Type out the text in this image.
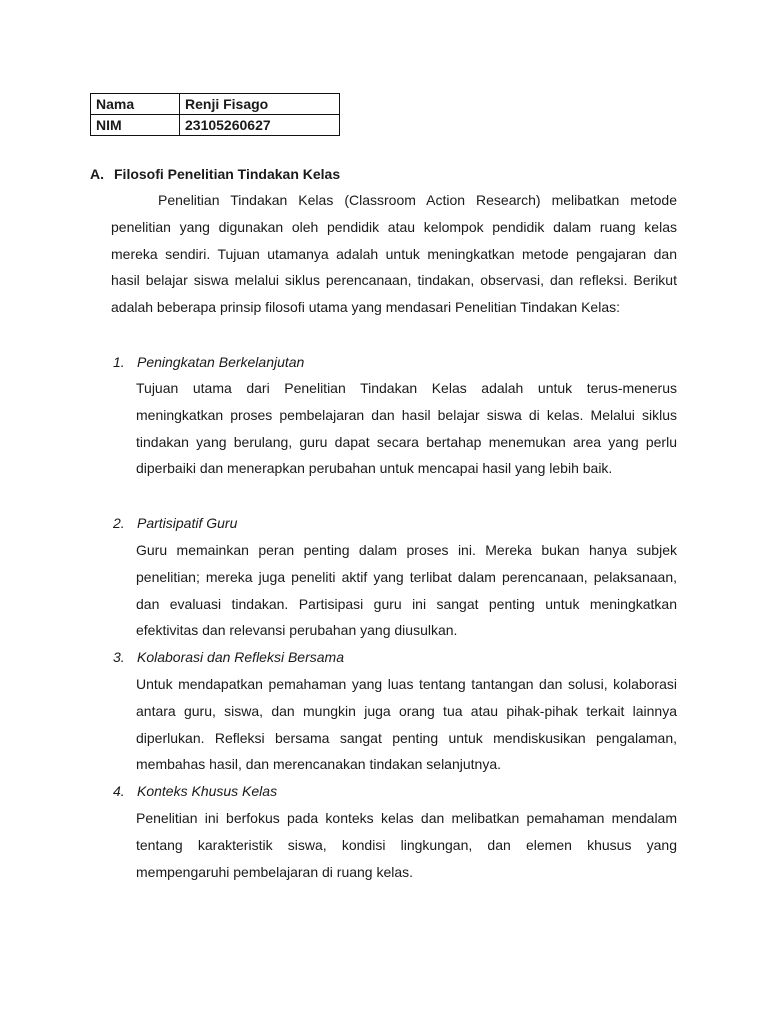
Nama	Renji Fisago
NIM	23105260627
A. Filosofi Penelitian Tindakan Kelas

Penelitian Tindakan Kelas (Classroom Action Research) melibatkan metode penelitian yang digunakan oleh pendidik atau kelompok pendidik dalam ruang kelas mereka sendiri. Tujuan utamanya adalah untuk meningkatkan metode pengajaran dan hasil belajar siswa melalui siklus perencanaan, tindakan, observasi, dan refleksi. Berikut adalah beberapa prinsip filosofi utama yang mendasari Penelitian Tindakan Kelas:

1. Peningkatan Berkelanjutan

Tujuan utama dari Penelitian Tindakan Kelas adalah untuk terus-menerus meningkatkan proses pembelajaran dan hasil belajar siswa di kelas. Melalui siklus tindakan yang berulang, guru dapat secara bertahap menemukan area yang perlu diperbaiki dan menerapkan perubahan untuk mencapai hasil yang lebih baik.

2. Partisipatif Guru

Guru memainkan peran penting dalam proses ini. Mereka bukan hanya subjek penelitian; mereka juga peneliti aktif yang terlibat dalam perencanaan, pelaksanaan, dan evaluasi tindakan. Partisipasi guru ini sangat penting untuk meningkatkan efektivitas dan relevansi perubahan yang diusulkan.

3. Kolaborasi dan Refleksi Bersama

Untuk mendapatkan pemahaman yang luas tentang tantangan dan solusi, kolaborasi antara guru, siswa, dan mungkin juga orang tua atau pihak-pihak terkait lainnya diperlukan. Refleksi bersama sangat penting untuk mendiskusikan pengalaman, membahas hasil, dan merencanakan tindakan selanjutnya.

4. Konteks Khusus Kelas

Penelitian ini berfokus pada konteks kelas dan melibatkan pemahaman mendalam tentang karakteristik siswa, kondisi lingkungan, dan elemen khusus yang mempengaruhi pembelajaran di ruang kelas.
